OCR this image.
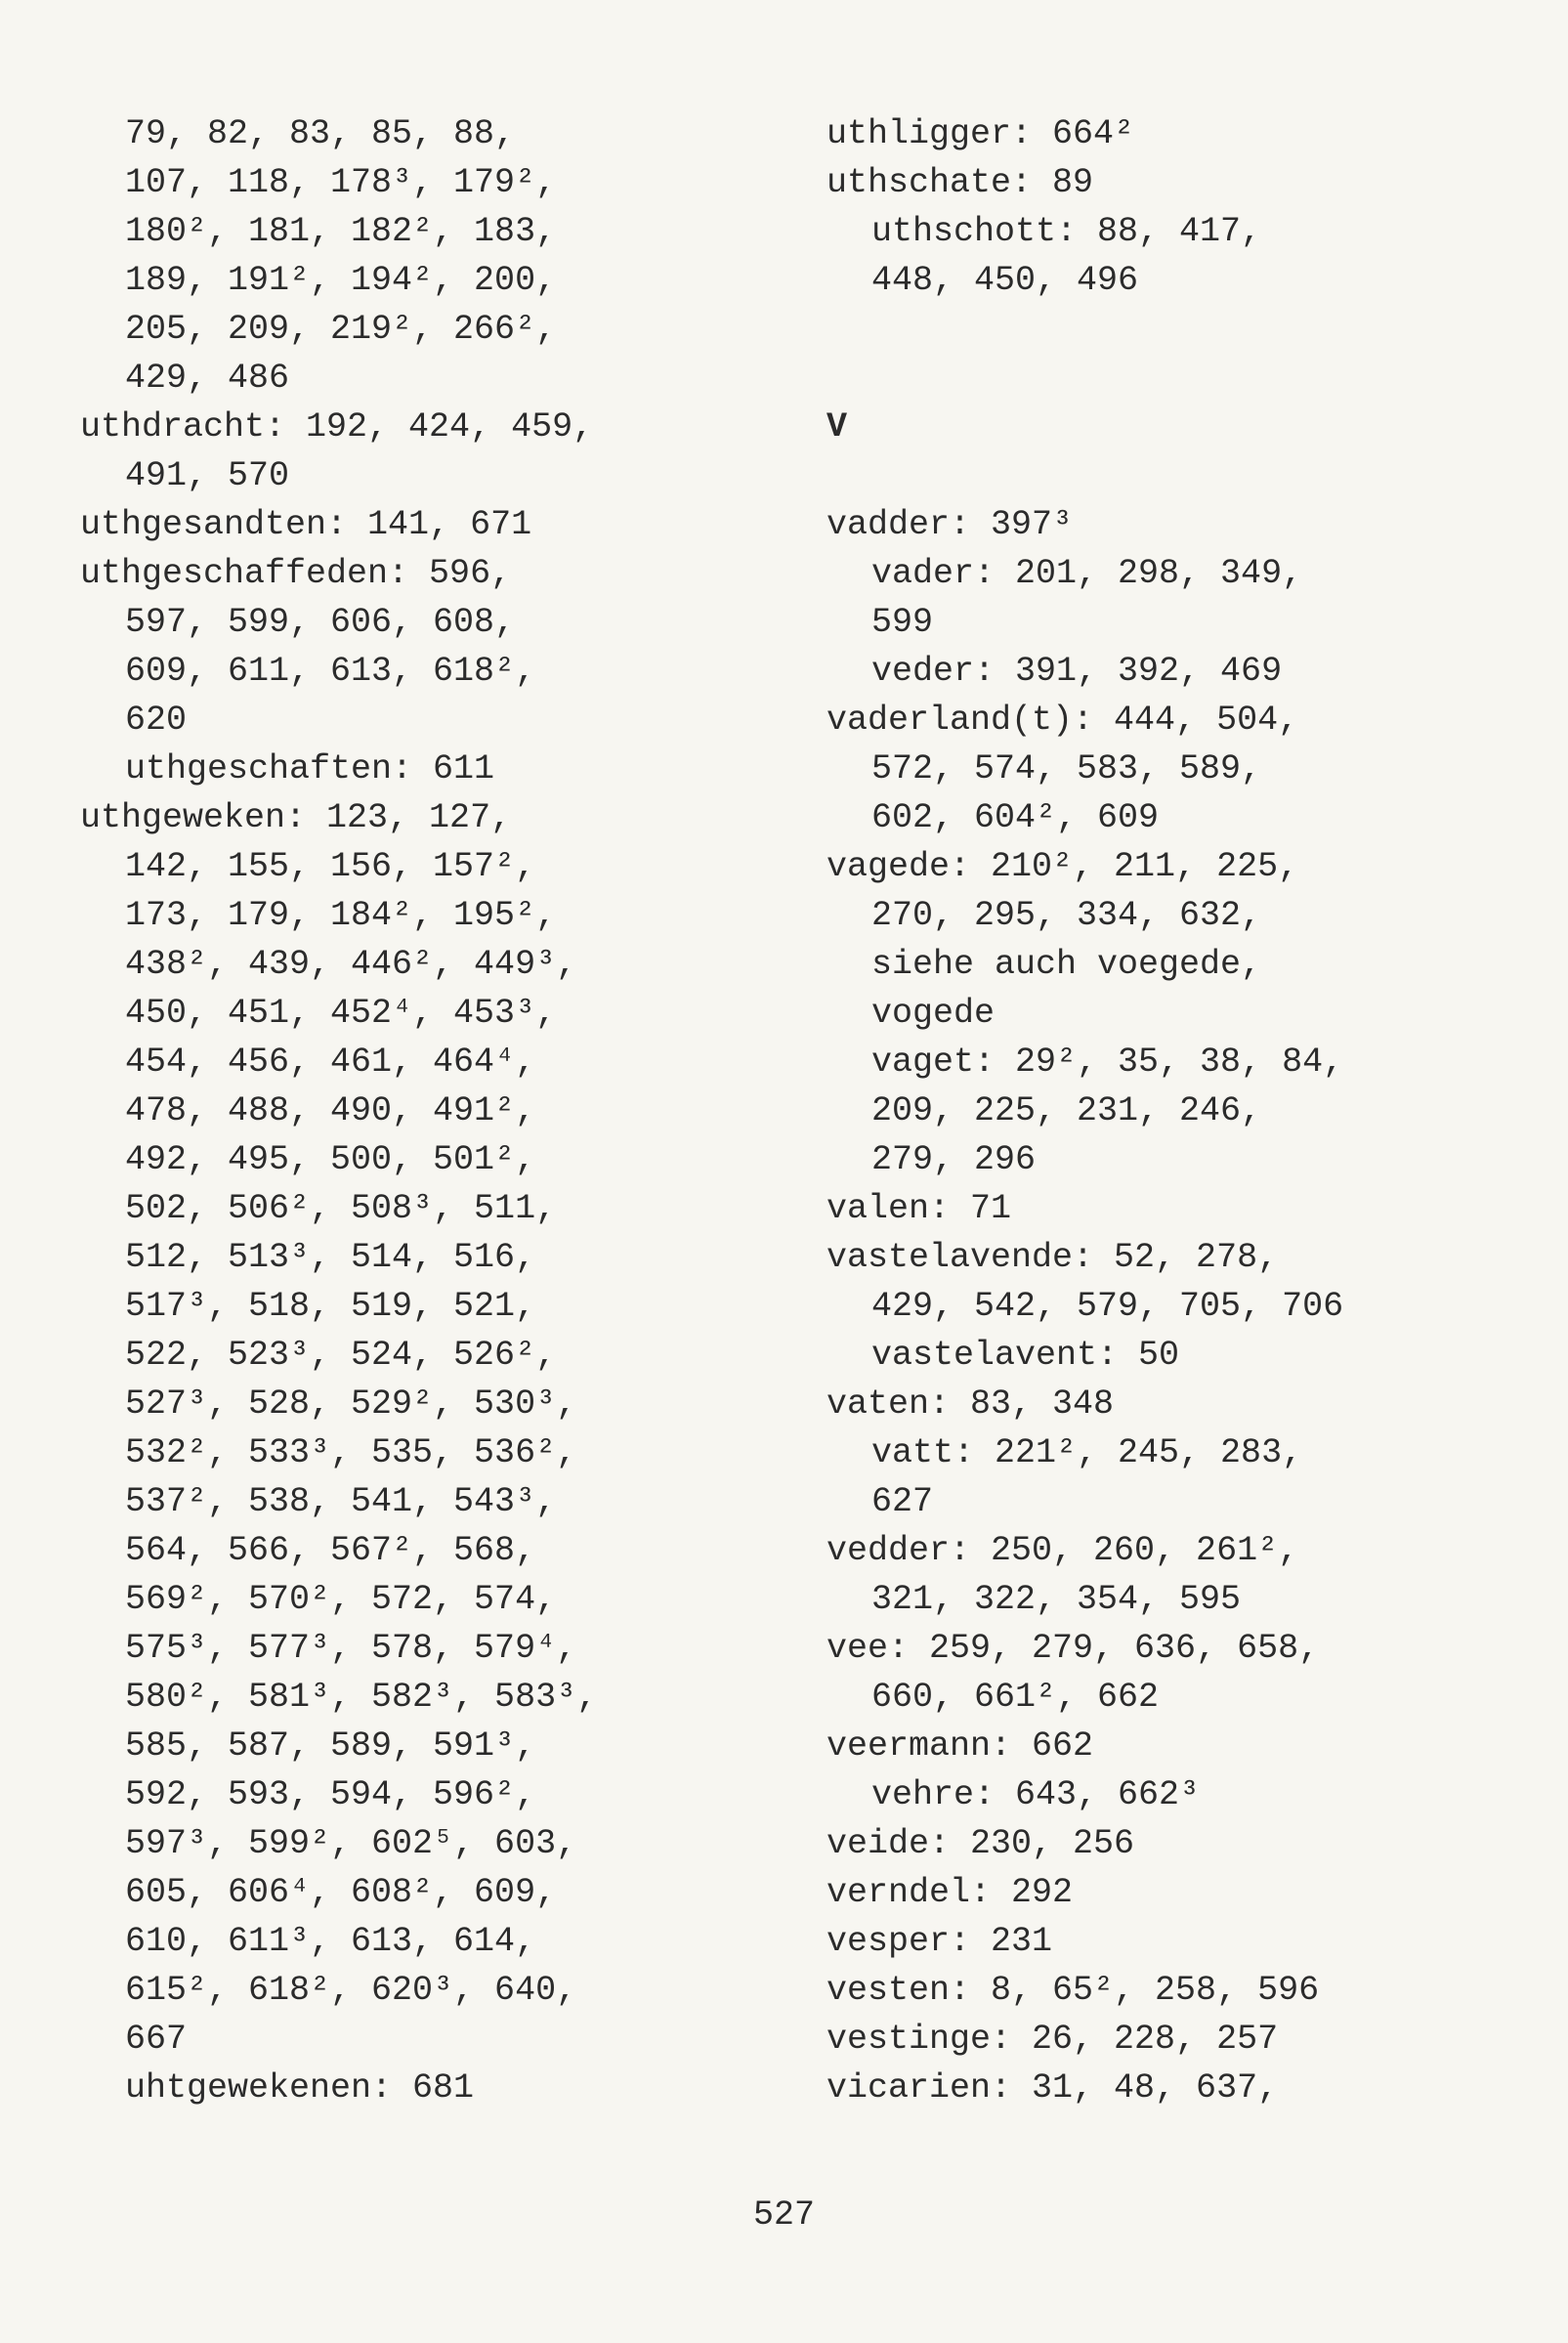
79, 82, 83, 85, 88,
107, 118, 178³, 179²,
180², 181, 182², 183,
189, 191², 194², 200,
205, 209, 219², 266²,
429, 486
uthdracht: 192, 424, 459,
491, 570
uthgesandten: 141, 671
uthgeschaffeden: 596,
597, 599, 606, 608,
609, 611, 613, 618²,
620
uthgeschaften: 611
uthgeweken: 123, 127,
142, 155, 156, 157²,
173, 179, 184², 195²,
438², 439, 446², 449³,
450, 451, 452⁴, 453³,
454, 456, 461, 464⁴,
478, 488, 490, 491²,
492, 495, 500, 501²,
502, 506², 508³, 511,
512, 513³, 514, 516,
517³, 518, 519, 521,
522, 523³, 524, 526²,
527³, 528, 529², 530³,
532², 533³, 535, 536²,
537², 538, 541, 543³,
564, 566, 567², 568,
569², 570², 572, 574,
575³, 577³, 578, 579⁴,
580², 581³, 582³, 583³,
585, 587, 589, 591³,
592, 593, 594, 596²,
597³, 599², 602⁵, 603,
605, 606⁴, 608², 609,
610, 611³, 613, 614,
615², 618², 620³, 640,
667
uhtgewekenen: 681
uthligger: 664²
uthschate: 89
uthschott: 88, 417,
448, 450, 496
V
vadder: 397³
vader: 201, 298, 349,
599
veder: 391, 392, 469
vaderland(t): 444, 504,
572, 574, 583, 589,
602, 604², 609
vagede: 210², 211, 225,
270, 295, 334, 632,
siehe auch voegede,
vogede
vaget: 29², 35, 38, 84,
209, 225, 231, 246,
279, 296
valen: 71
vastelavende: 52, 278,
429, 542, 579, 705, 706
vastelavent: 50
vaten: 83, 348
vatt: 221², 245, 283,
627
vedder: 250, 260, 261²,
321, 322, 354, 595
vee: 259, 279, 636, 658,
660, 661², 662
veermann: 662
vehre: 643, 662³
veide: 230, 256
verndel: 292
vesper: 231
vesten: 8, 65², 258, 596
vestinge: 26, 228, 257
vicarien: 31, 48, 637,
527
